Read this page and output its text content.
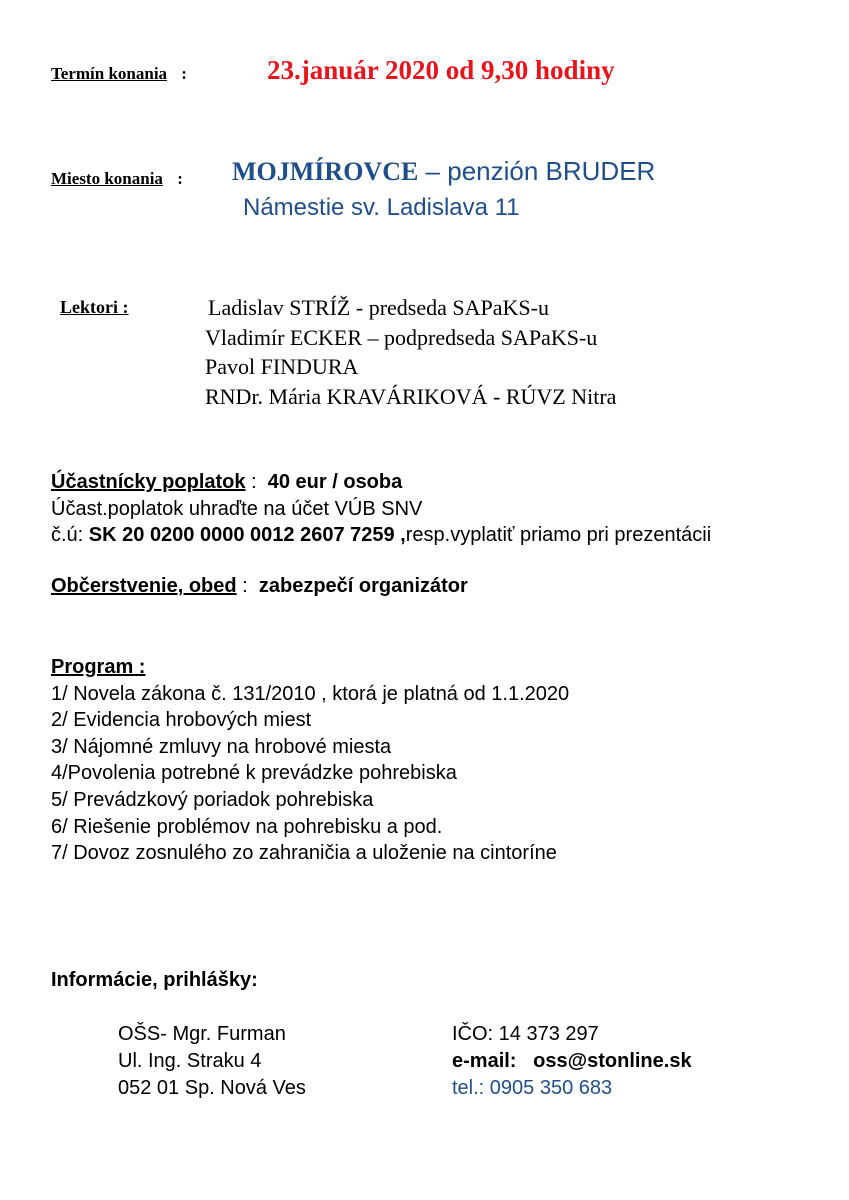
Termín konania :	23.január 2020 od 9,30 hodiny
Miesto konania : MOJMÍROVCE – penzión BRUDER
Námestie sv. Ladislava 11
Lektori :	Ladislav STRÍŽ - predseda SAPaKS-u
Vladimír ECKER – podpredseda SAPaKS-u
Pavol FINDURA
RNDr. Mária KRAVÁRIKOVÁ - RÚVZ Nitra
Účastnícky poplatok :  40 eur / osoba
Účast.poplatok uhraďte na účet VÚB SNV
č.ú: SK 20 0200 0000 0012 2607 7259 ,resp.vyplatiť priamo pri prezentácii
Občerstvenie, obed :  zabezpečí organizátor
Program :
1/ Novela zákona č. 131/2010 , ktorá je platná od 1.1.2020
2/ Evidencia hrobových miest
3/ Nájomné zmluvy na hrobové miesta
4/Povolenia potrebné k prevádzke pohrebiska
5/ Prevádzkový poriadok pohrebiska
6/ Riešenie problémov na pohrebisku a pod.
7/ Dovoz zosnulého zo zahraničia a uloženie na cintoríne
Informácie, prihlášky:
OŠS- Mgr. Furman
Ul. Ing. Straku 4
052 01 Sp. Nová Ves
IČO: 14 373 297
e-mail:   oss@stonline.sk
tel.: 0905 350 683
